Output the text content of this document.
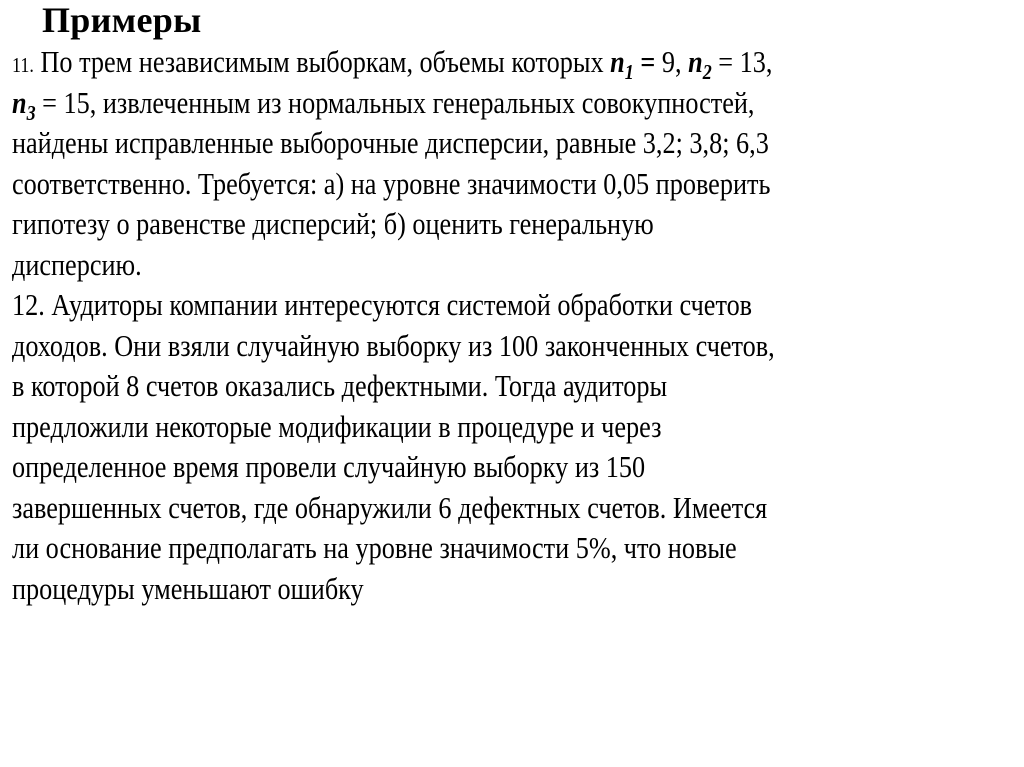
Примеры
11. По трем независимым выборкам, объемы которых $n_1 = 9$, $n_2 = 13$,
$n_3 = 15$, извлеченным из нормальных генеральных совокупностей,
найдены исправленные выборочные дисперсии, равные 3,2; 3,8; 6,3
соответственно. Требуется: а) на уровне значимости 0,05 проверить
гипотезу о равенстве дисперсий; б) оценить генеральную
дисперсию.
12. Аудиторы компании интересуются системой обработки счетов
доходов. Они взяли случайную выборку из 100 законченных счетов,
в которой 8 счетов оказались дефектными. Тогда аудиторы
предложили некоторые модификации в процедуре и через
определенное время провели случайную выборку из 150
завершенных счетов, где обнаружили 6 дефектных счетов. Имеется
ли основание предполагать на уровне значимости 5%, что новые
процедуры уменьшают ошибку
